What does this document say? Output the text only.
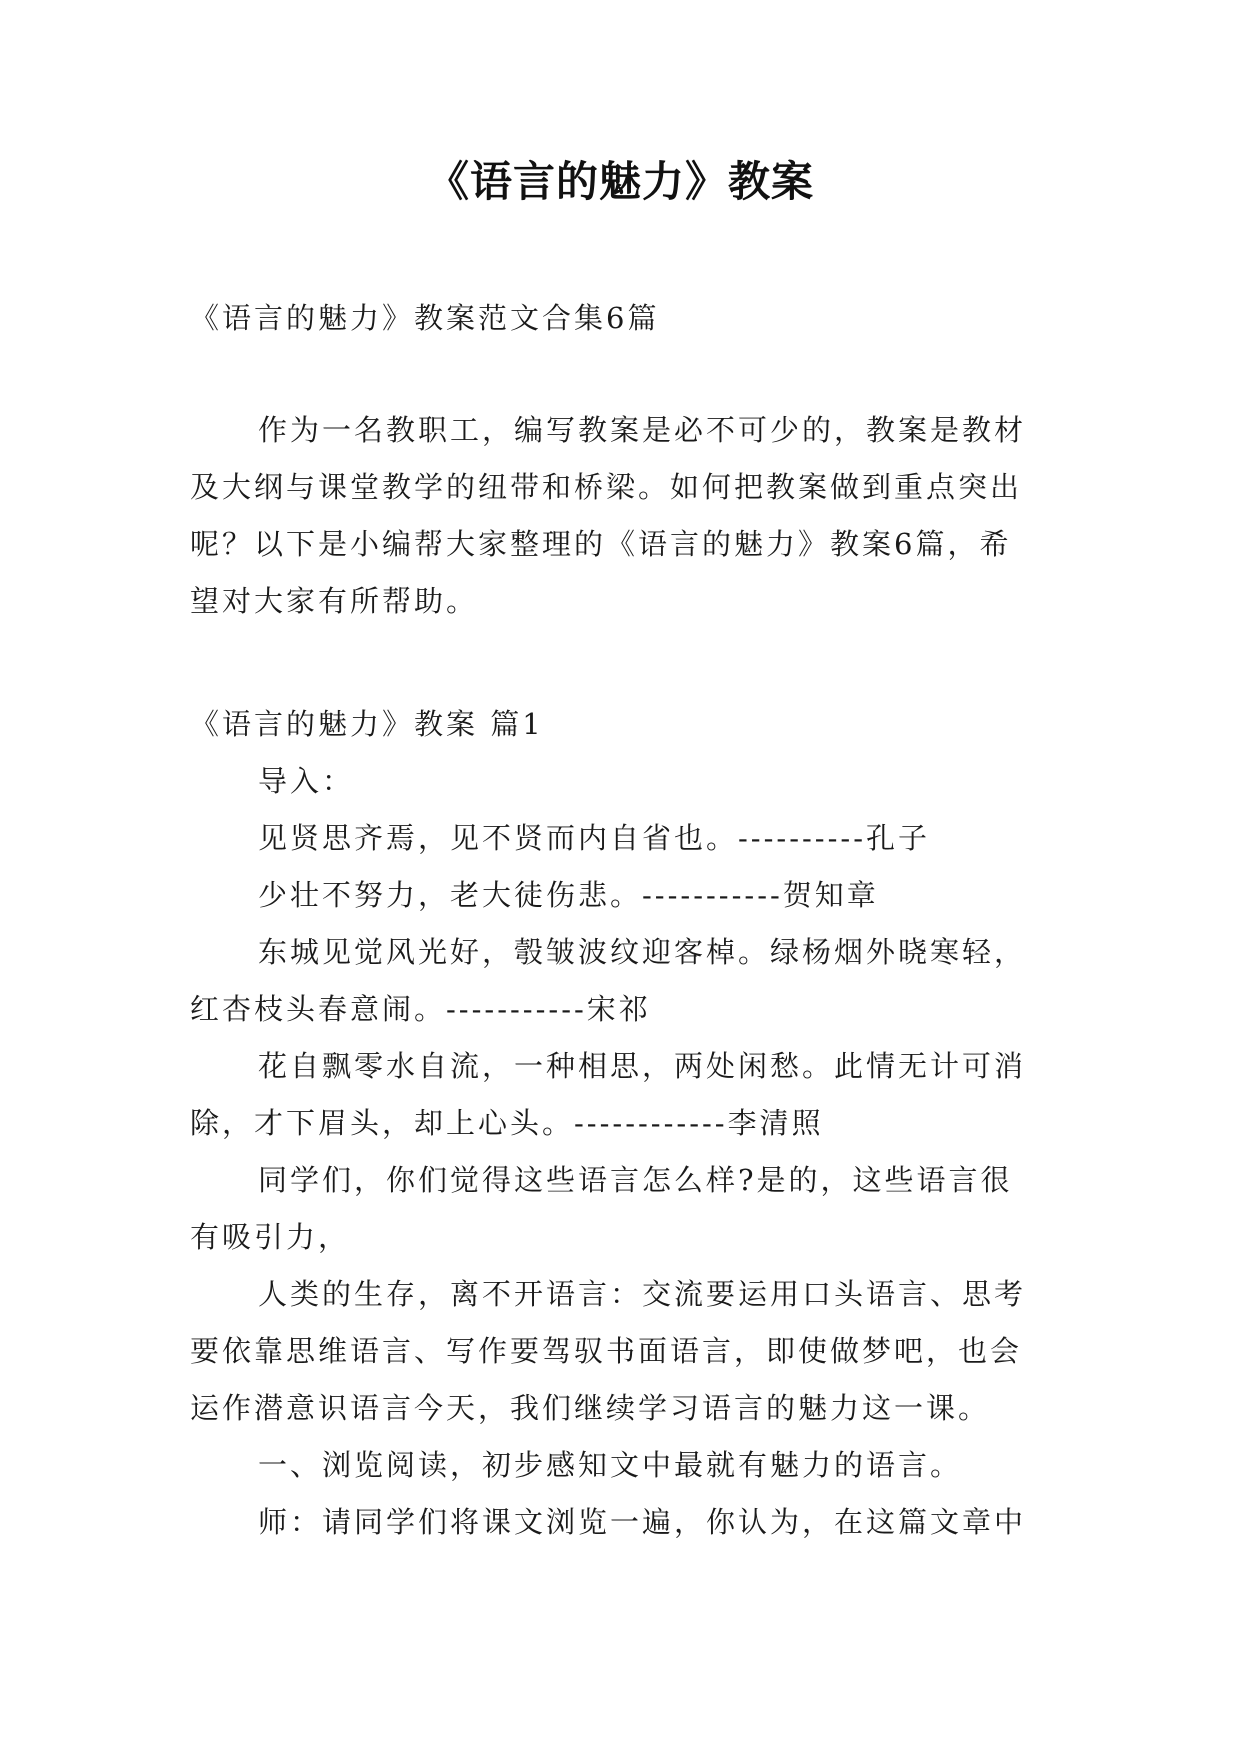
《语言的魅力》教案
《语言的魅力》教案范文合集6篇
作为一名教职工，编写教案是必不可少的，教案是教材
及大纲与课堂教学的纽带和桥梁。如何把教案做到重点突出
呢？以下是小编帮大家整理的《语言的魅力》教案6篇，希
望对大家有所帮助。
《语言的魅力》教案 篇1
导入：
见贤思齐焉，见不贤而内自省也。----------孔子
少壮不努力，老大徒伤悲。-----------贺知章
东城见觉风光好，彀皱波纹迎客棹。绿杨烟外晓寒轻，
红杏枝头春意闹。-----------宋祁
花自飘零水自流，一种相思，两处闲愁。此情无计可消
除，才下眉头，却上心头。------------李清照
同学们，你们觉得这些语言怎么样?是的，这些语言很
有吸引力，
人类的生存，离不开语言：交流要运用口头语言、思考
要依靠思维语言、写作要驾驭书面语言，即使做梦吧，也会
运作潜意识语言今天，我们继续学习语言的魅力这一课。
一、浏览阅读，初步感知文中最就有魅力的语言。
师：请同学们将课文浏览一遍，你认为，在这篇文章中
